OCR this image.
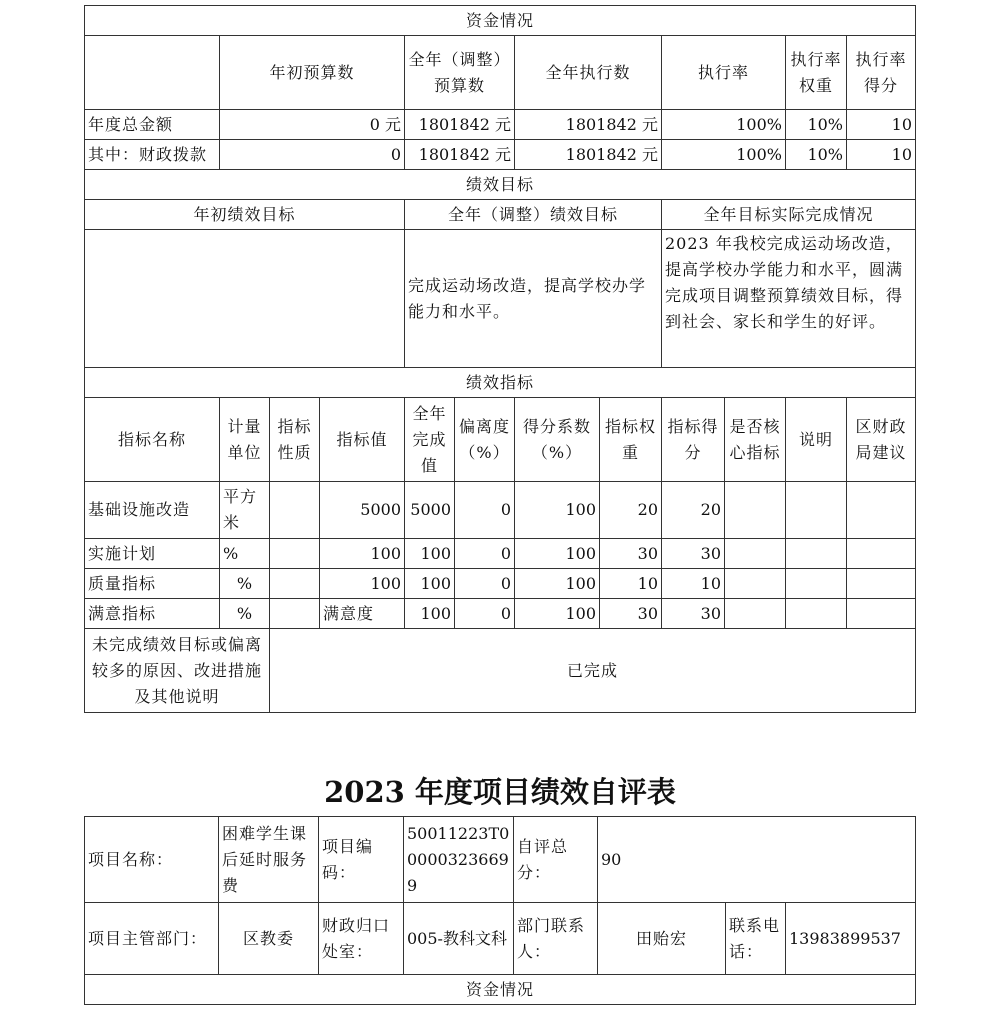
资金情况											
	年初预算数			全年（调整）预算数		全年执行数		执行率		执行率权重	执行率得分
年度总金额	0 元			1801842 元		1801842 元		100%		10%	10
其中：财政拨款	0			1801842 元		1801842 元		100%		10%	10
绩效目标											
年初绩效目标				全年（调整）绩效目标				全年目标实际完成情况			
				完成运动场改造，提高学校办学能力和水平。				2023 年我校完成运动场改造，提高学校办学能力和水平，圆满完成项目调整预算绩效目标，得到社会、家长和学生的好评。			
绩效指标											
指标名称	计量单位	指标性质	指标值	全年完成值	偏离度（%）	得分系数（%）	指标权重	指标得分	是否核心指标	说明	区财政局建议
基础设施改造	平方米		5000	5000	0	100	20	20			
实施计划	%		100	100	0	100	30	30			
质量指标	%		100	100	0	100	10	10			
满意指标	%		满意度	100	0	100	30	30			
未完成绩效目标或偏离较多的原因、改进措施及其他说明		已完成									
2023 年度项目绩效自评表
项目名称：	困难学生课后延时服务费	项目编码：	50011223T000003236699	自评总分：	90		
项目主管部门：	区教委	财政归口处室：	005-教科文科	部门联系人：	田贻宏	联系电话：	13983899537
资金情况							
